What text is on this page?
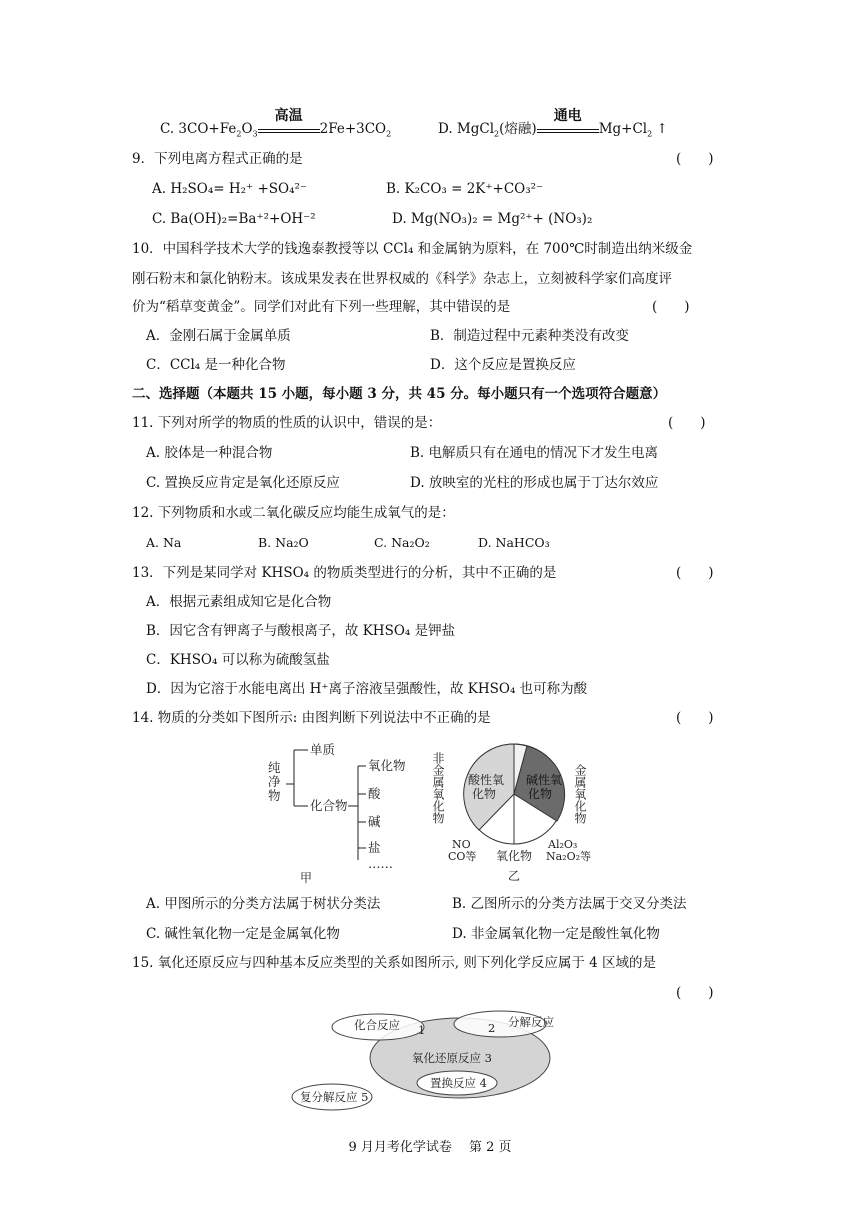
C. $3CO+Fe_2O_3$
高温
$2Fe+3CO_2$	D. MgCl$_2$(熔融)
通电
$Mg+Cl_2$ ↑
9．下列电离方程式正确的是	(　　)
A. H₂SO₄= H₂⁺ +SO₄²⁻	B. K₂CO₃ = 2K⁺+CO₃²⁻
C. Ba(OH)₂=Ba⁺²+OH⁻²	D. Mg(NO₃)₂ = Mg²⁺+ (NO₃)₂
10．中国科学技术大学的钱逸泰教授等以 CCl₄ 和金属钠为原料，在 700℃时制造出纳米级金
刚石粉末和氯化钠粉末。该成果发表在世界权威的《科学》杂志上，立刻被科学家们高度评
价为“稻草变黄金”。同学们对此有下列一些理解，其中错误的是	(　　)
A．金刚石属于金属单质	B．制造过程中元素种类没有改变
C．CCl₄ 是一种化合物	D．这个反应是置换反应
二、选择题（本题共 15 小题，每小题 3 分，共 45 分。每小题只有一个选项符合题意）
11. 下列对所学的物质的性质的认识中，错误的是：	(　　)
A. 胶体是一种混合物	B. 电解质只有在通电的情况下才发生电离
C. 置换反应肯定是氧化还原反应	D. 放映室的光柱的形成也属于丁达尔效应
12. 下列物质和水或二氧化碳反应均能生成氧气的是：
A. Na	B. Na₂O	C. Na₂O₂	D. NaHCO₃
13．下列是某同学对 KHSO₄ 的物质类型进行的分析，其中不正确的是	(　　)
A．根据元素组成知它是化合物
B．因它含有钾离子与酸根离子，故 KHSO₄ 是钾盐
C．KHSO₄ 可以称为硫酸氢盐
D．因为它溶于水能电离出 H⁺离子溶液呈强酸性，故 KHSO₄ 也可称为酸
14. 物质的分类如下图所示: 由图判断下列说法中不正确的是	(　　)
纯
净
物
单质
化合物
氧化物
酸
碱
盐
……
甲
酸性氧
化物
碱性氧
化物
非金属氧化物	金属氧化物
NO
CO等 氧化物
Al₂O₃
Na₂O₂等
乙
A. 甲图所示的分类方法属于树状分类法	B. 乙图所示的分类方法属于交叉分类法
C. 碱性氧化物一定是金属氧化物	D. 非金属氧化物一定是酸性氧化物
15. 氧化还原反应与四种基本反应类型的关系如图所示, 则下列化学反应属于 4 区域的是
(　　)
化合反应 1	2 分解反应
氧化还原反应 3
置换反应 4
复分解反应 5
9 月月考化学试卷　 第 2 页
